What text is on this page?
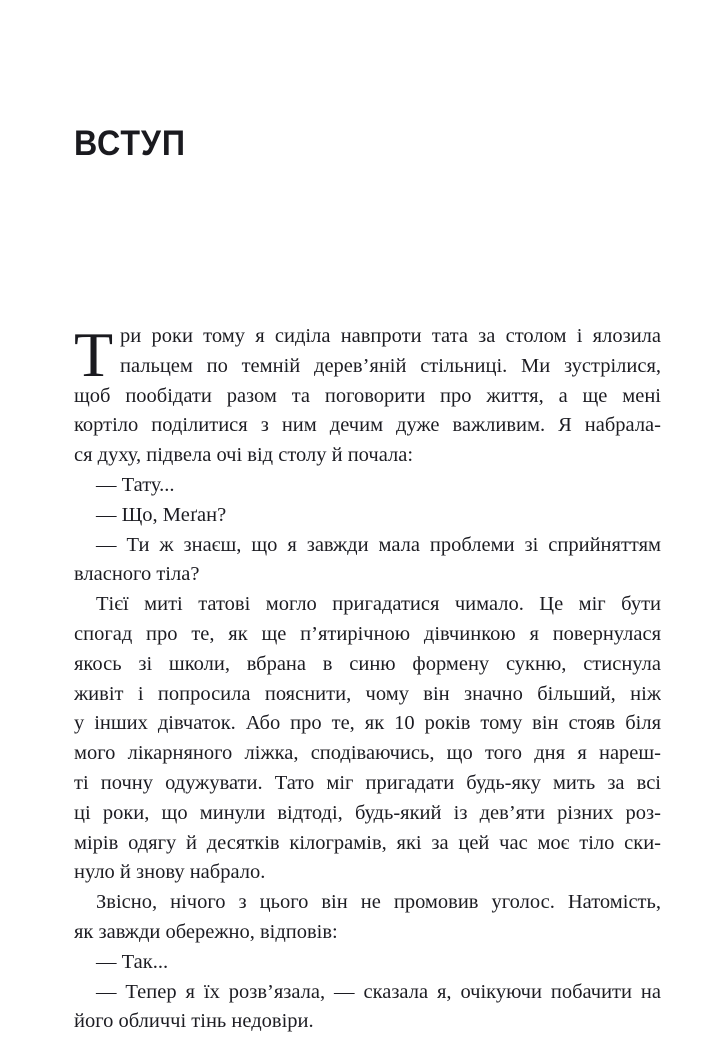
ВСТУП
Т ри роки тому я сиділа навпроти тата за столом і ялозила
пальцем по темній дерев’яній стільниці. Ми зустрілися,
щоб пообідати разом та поговорити про життя, а ще мені
кортіло поділитися з ним дечим дуже важливим. Я набрала-
ся духу, підвела очі від столу й почала:
— Тату...
— Що, Меґан?
— Ти ж знаєш, що я завжди мала проблеми зі сприйняттям
власного тіла?
Тієї миті татові могло пригадатися чимало. Це міг бути
спогад про те, як ще п’ятирічною дівчинкою я повернулася
якось зі школи, вбрана в синю формену сукню, стиснула
живіт і попросила пояснити, чому він значно більший, ніж
у інших дівчаток. Або про те, як 10 років тому він стояв біля
мого лікарняного ліжка, сподіваючись, що того дня я нареш-
ті почну одужувати. Тато міг пригадати будь-яку мить за всі
ці роки, що минули відтоді, будь-який із дев’яти різних роз-
мірів одягу й десятків кілограмів, які за цей час моє тіло ски-
нуло й знову набрало.
Звісно, нічого з цього він не промовив уголос. Натомість,
як завжди обережно, відповів:
— Так...
— Тепер я їх розв’язала, — сказала я, очікуючи побачити на
його обличчі тінь недовіри.
